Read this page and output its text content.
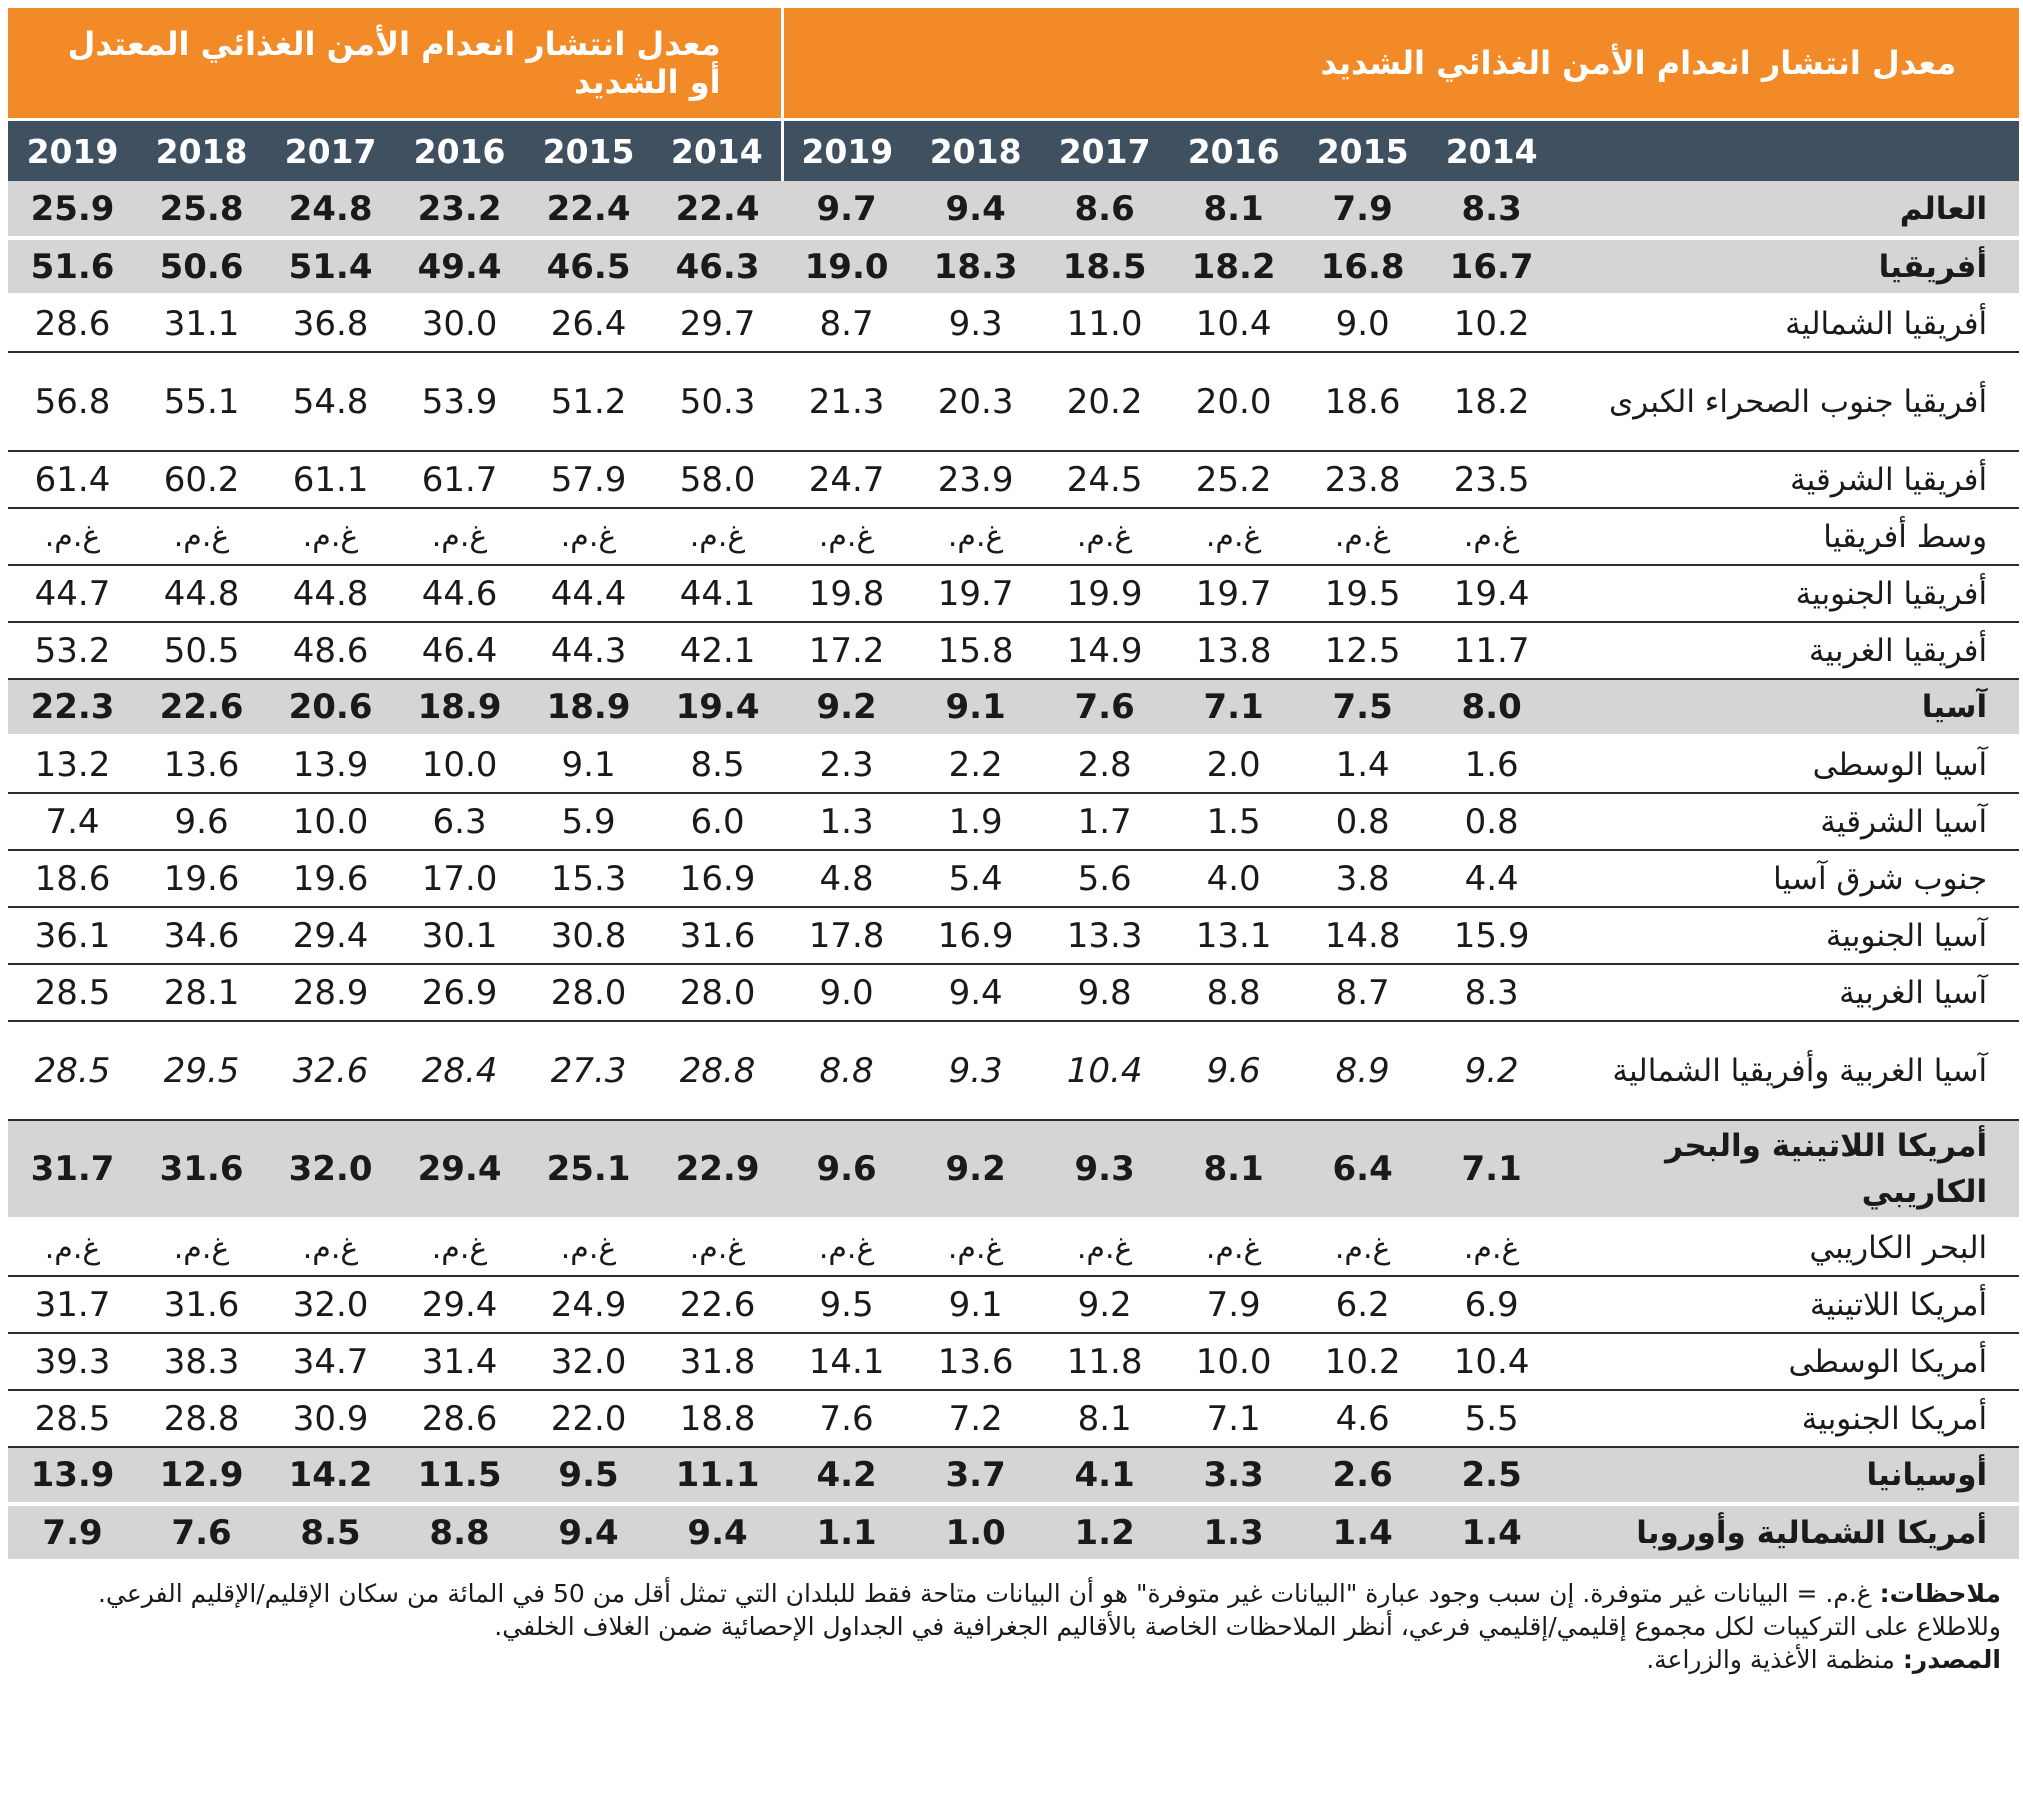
معدل انتشار انعدام الأمن الغذائي الشديد							معدل انتشار انعدام الأمن الغذائي المعتدل أو الشديد					
	2014	2015	2016	2017	2018	2019	2014	2015	2016	2017	2018	2019
العالم	8.3	7.9	8.1	8.6	9.4	9.7	22.4	22.4	23.2	24.8	25.8	25.9
أفريقيا	16.7	16.8	18.2	18.5	18.3	19.0	46.3	46.5	49.4	51.4	50.6	51.6
أفريقيا الشمالية	10.2	9.0	10.4	11.0	9.3	8.7	29.7	26.4	30.0	36.8	31.1	28.6
أفريقيا جنوب الصحراء الكبرى	18.2	18.6	20.0	20.2	20.3	21.3	50.3	51.2	53.9	54.8	55.1	56.8
أفريقيا الشرقية	23.5	23.8	25.2	24.5	23.9	24.7	58.0	57.9	61.7	61.1	60.2	61.4
وسط أفريقيا	غ.م.	غ.م.	غ.م.	غ.م.	غ.م.	غ.م.	غ.م.	غ.م.	غ.م.	غ.م.	غ.م.	غ.م.
أفريقيا الجنوبية	19.4	19.5	19.7	19.9	19.7	19.8	44.1	44.4	44.6	44.8	44.8	44.7
أفريقيا الغربية	11.7	12.5	13.8	14.9	15.8	17.2	42.1	44.3	46.4	48.6	50.5	53.2
آسيا	8.0	7.5	7.1	7.6	9.1	9.2	19.4	18.9	18.9	20.6	22.6	22.3
آسيا الوسطى	1.6	1.4	2.0	2.8	2.2	2.3	8.5	9.1	10.0	13.9	13.6	13.2
آسيا الشرقية	0.8	0.8	1.5	1.7	1.9	1.3	6.0	5.9	6.3	10.0	9.6	7.4
جنوب شرق آسيا	4.4	3.8	4.0	5.6	5.4	4.8	16.9	15.3	17.0	19.6	19.6	18.6
آسيا الجنوبية	15.9	14.8	13.1	13.3	16.9	17.8	31.6	30.8	30.1	29.4	34.6	36.1
آسيا الغربية	8.3	8.7	8.8	9.8	9.4	9.0	28.0	28.0	26.9	28.9	28.1	28.5
آسيا الغربية وأفريقيا الشمالية	9.2	8.9	9.6	10.4	9.3	8.8	28.8	27.3	28.4	32.6	29.5	28.5
أمريكا اللاتينية والبحر الكاريبي	7.1	6.4	8.1	9.3	9.2	9.6	22.9	25.1	29.4	32.0	31.6	31.7
البحر الكاريبي	غ.م.	غ.م.	غ.م.	غ.م.	غ.م.	غ.م.	غ.م.	غ.م.	غ.م.	غ.م.	غ.م.	غ.م.
أمريكا اللاتينية	6.9	6.2	7.9	9.2	9.1	9.5	22.6	24.9	29.4	32.0	31.6	31.7
أمريكا الوسطى	10.4	10.2	10.0	11.8	13.6	14.1	31.8	32.0	31.4	34.7	38.3	39.3
أمريكا الجنوبية	5.5	4.6	7.1	8.1	7.2	7.6	18.8	22.0	28.6	30.9	28.8	28.5
أوسيانيا	2.5	2.6	3.3	4.1	3.7	4.2	11.1	9.5	11.5	14.2	12.9	13.9
أمريكا الشمالية وأوروبا	1.4	1.4	1.3	1.2	1.0	1.1	9.4	9.4	8.8	8.5	7.6	7.9
ملاحظات: غ.م. = البيانات غير متوفرة. إن سبب وجود عبارة "البيانات غير متوفرة" هو أن البيانات متاحة فقط للبلدان التي تمثل أقل من 50 في المائة من سكان الإقليم/الإقليم الفرعي. وللاطلاع على التركيبات لكل مجموع إقليمي/إقليمي فرعي، أنظر الملاحظات الخاصة بالأقاليم الجغرافية في الجداول الإحصائية ضمن الغلاف الخلفي.
المصدر: منظمة الأغذية والزراعة.
